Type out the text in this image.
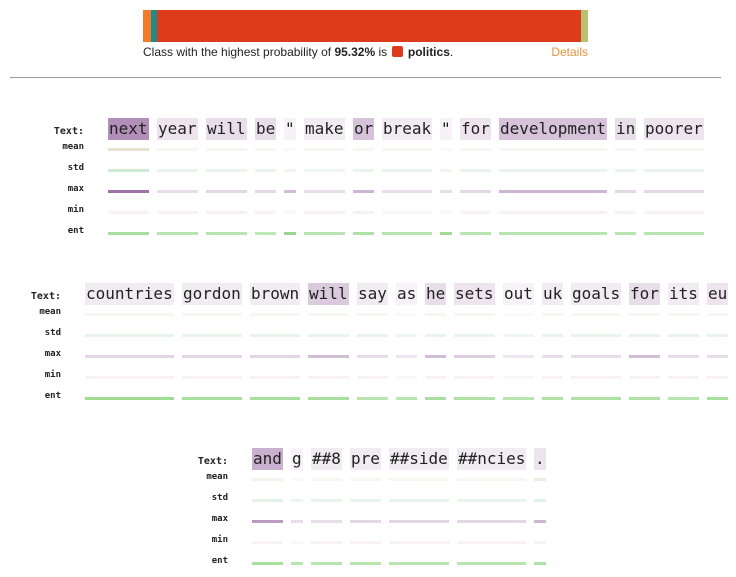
Class with the highest probability of 95.32% is politics.	Details
Text: next year will be " make or break " for development in poorer
mean
std
max
min
ent
Text: countries gordon brown will say as he sets out uk goals for its eu
mean
std
max
min
ent
Text: and g ##8 pre ##side ##ncies .
mean
std
max
min
ent
